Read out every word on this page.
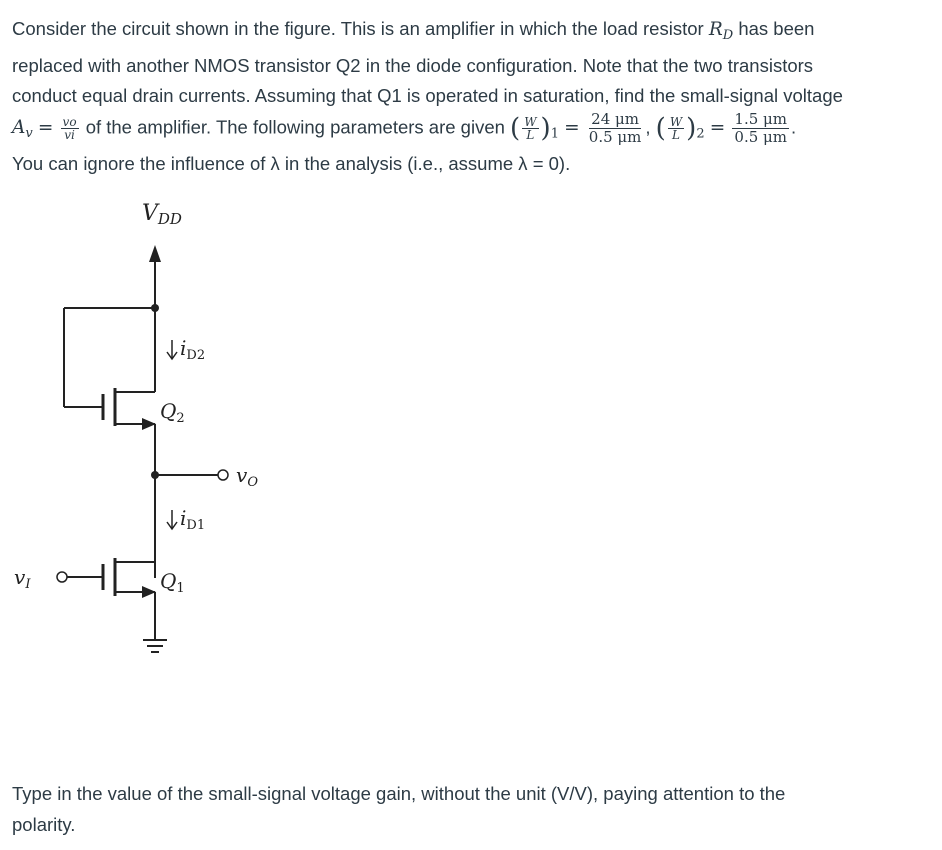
Consider the circuit shown in the figure. This is an amplifier in which the load resistor $R_D$ has been

replaced with another NMOS transistor Q2 in the diode configuration. Note that the two transistors

conduct equal drain currents. Assuming that Q1 is operated in saturation, find the small-signal voltage

$A_v = \frac{vo}{vi}$ of the amplifier. The following parameters are given ( $\frac{W}{L} )_1 = \frac{24 \mu m}{0.5 \mu m}$ , ( $\frac{W}{L} )_2 = \frac{1.5 \mu m}{0.5 \mu m}$ .

You can ignore the influence of λ in the analysis (i.e., assume λ = 0).

VDD
$i_{D2}$
$Q_2$
$v_O$
$i_{D1}$
$Q_1$
$v_I$
Type in the value of the small-signal voltage gain, without the unit (V/V), paying attention to the
polarity.
